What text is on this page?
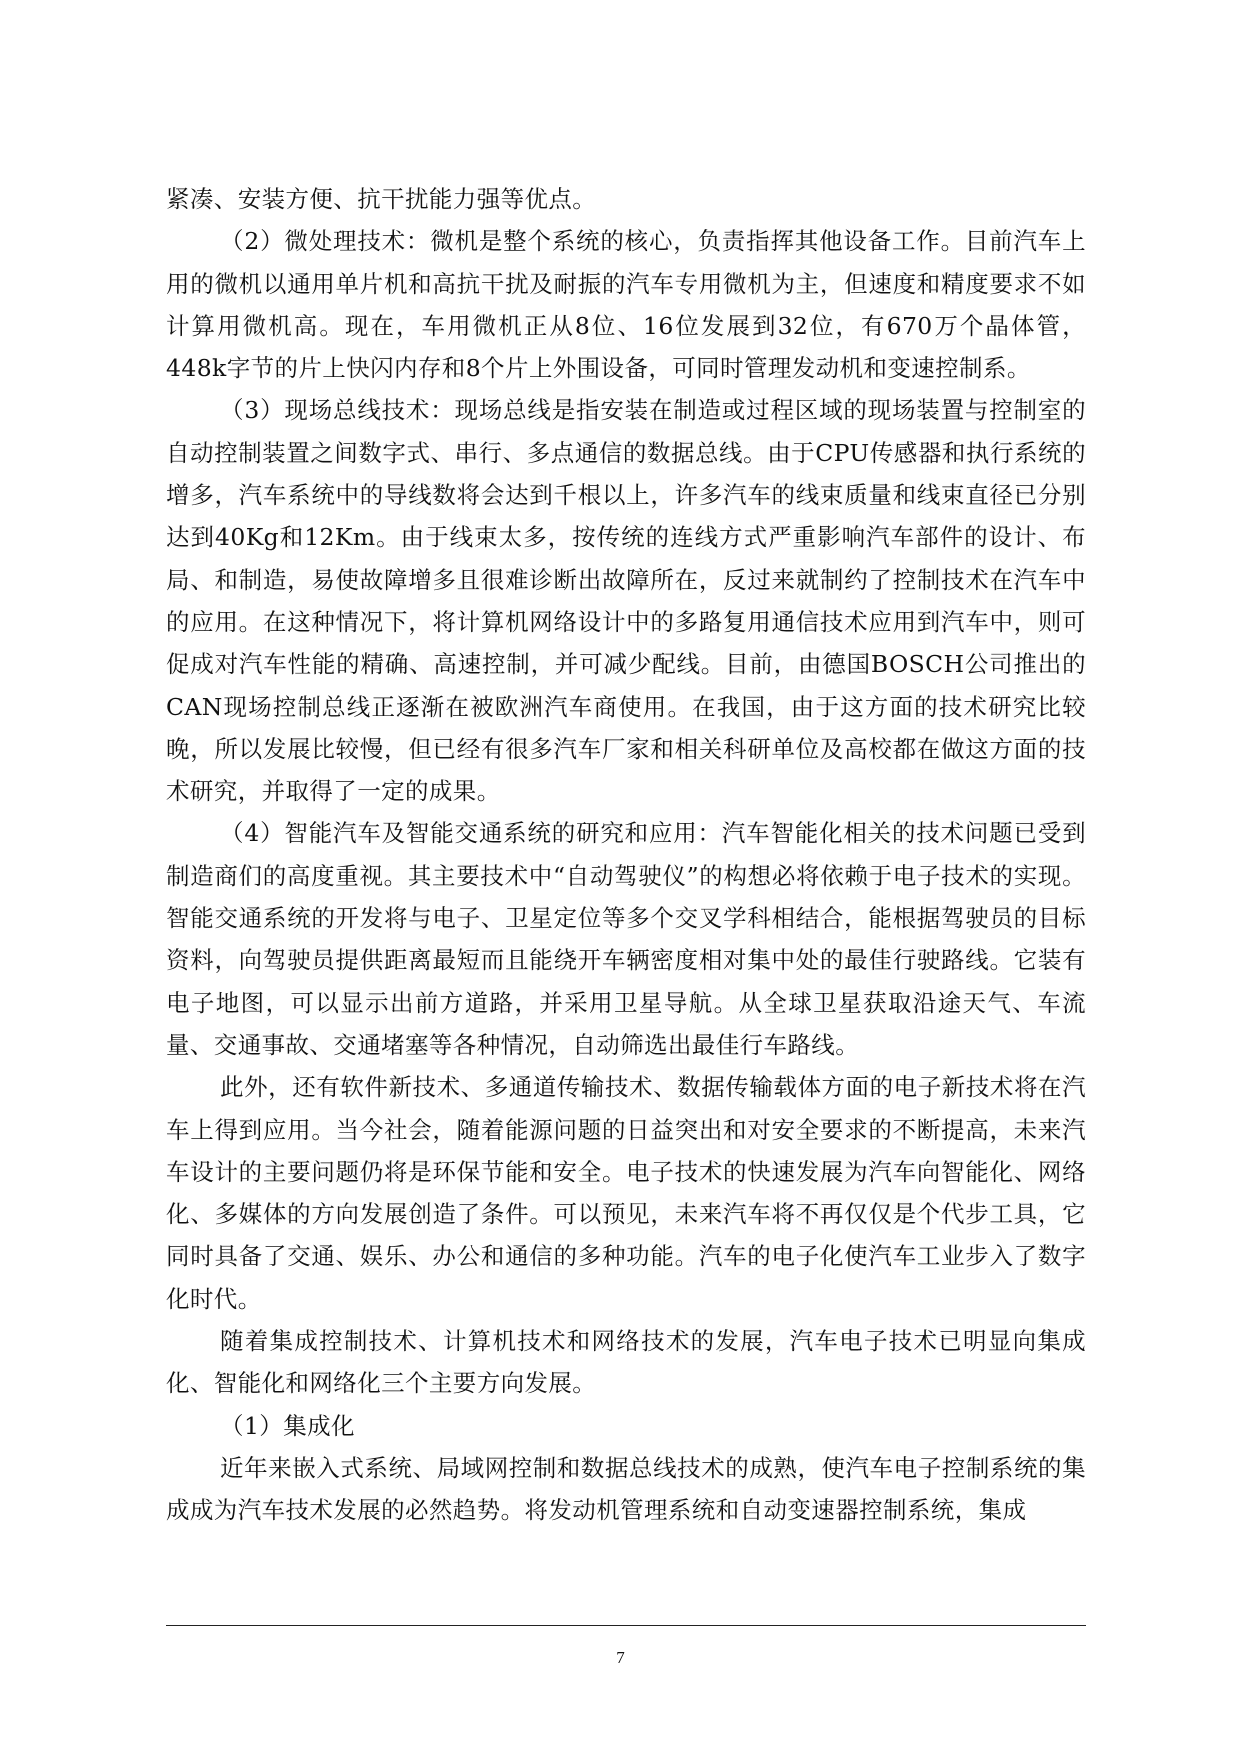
紧凑、安装方便、抗干扰能力强等优点。

（2）微处理技术：微机是整个系统的核心，负责指挥其他设备工作。目前汽车上用的微机以通用单片机和高抗干扰及耐振的汽车专用微机为主，但速度和精度要求不如计算用微机高。现在，车用微机正从8位、16位发展到32位，有670万个晶体管，448k字节的片上快闪内存和8个片上外围设备，可同时管理发动机和变速控制系。

（3）现场总线技术：现场总线是指安装在制造或过程区域的现场装置与控制室的自动控制装置之间数字式、串行、多点通信的数据总线。由于CPU传感器和执行系统的增多，汽车系统中的导线数将会达到千根以上，许多汽车的线束质量和线束直径已分别达到40Kg和12Km。由于线束太多，按传统的连线方式严重影响汽车部件的设计、布局、和制造，易使故障增多且很难诊断出故障所在，反过来就制约了控制技术在汽车中的应用。在这种情况下，将计算机网络设计中的多路复用通信技术应用到汽车中，则可促成对汽车性能的精确、高速控制，并可减少配线。目前，由德国BOSCH公司推出的CAN现场控制总线正逐渐在被欧洲汽车商使用。在我国，由于这方面的技术研究比较晚，所以发展比较慢，但已经有很多汽车厂家和相关科研单位及高校都在做这方面的技术研究，并取得了一定的成果。

（4）智能汽车及智能交通系统的研究和应用：汽车智能化相关的技术问题已受到制造商们的高度重视。其主要技术中“自动驾驶仪”的构想必将依赖于电子技术的实现。智能交通系统的开发将与电子、卫星定位等多个交叉学科相结合，能根据驾驶员的目标资料，向驾驶员提供距离最短而且能绕开车辆密度相对集中处的最佳行驶路线。它装有电子地图，可以显示出前方道路，并采用卫星导航。从全球卫星获取沿途天气、车流量、交通事故、交通堵塞等各种情况，自动筛选出最佳行车路线。

此外，还有软件新技术、多通道传输技术、数据传输载体方面的电子新技术将在汽车上得到应用。当今社会，随着能源问题的日益突出和对安全要求的不断提高，未来汽车设计的主要问题仍将是环保节能和安全。电子技术的快速发展为汽车向智能化、网络化、多媒体的方向发展创造了条件。可以预见，未来汽车将不再仅仅是个代步工具，它同时具备了交通、娱乐、办公和通信的多种功能。汽车的电子化使汽车工业步入了数字化时代。

随着集成控制技术、计算机技术和网络技术的发展，汽车电子技术已明显向集成化、智能化和网络化三个主要方向发展。

（1）集成化

近年来嵌入式系统、局域网控制和数据总线技术的成熟，使汽车电子控制系统的集成成为汽车技术发展的必然趋势。将发动机管理系统和自动变速器控制系统，集成

7
